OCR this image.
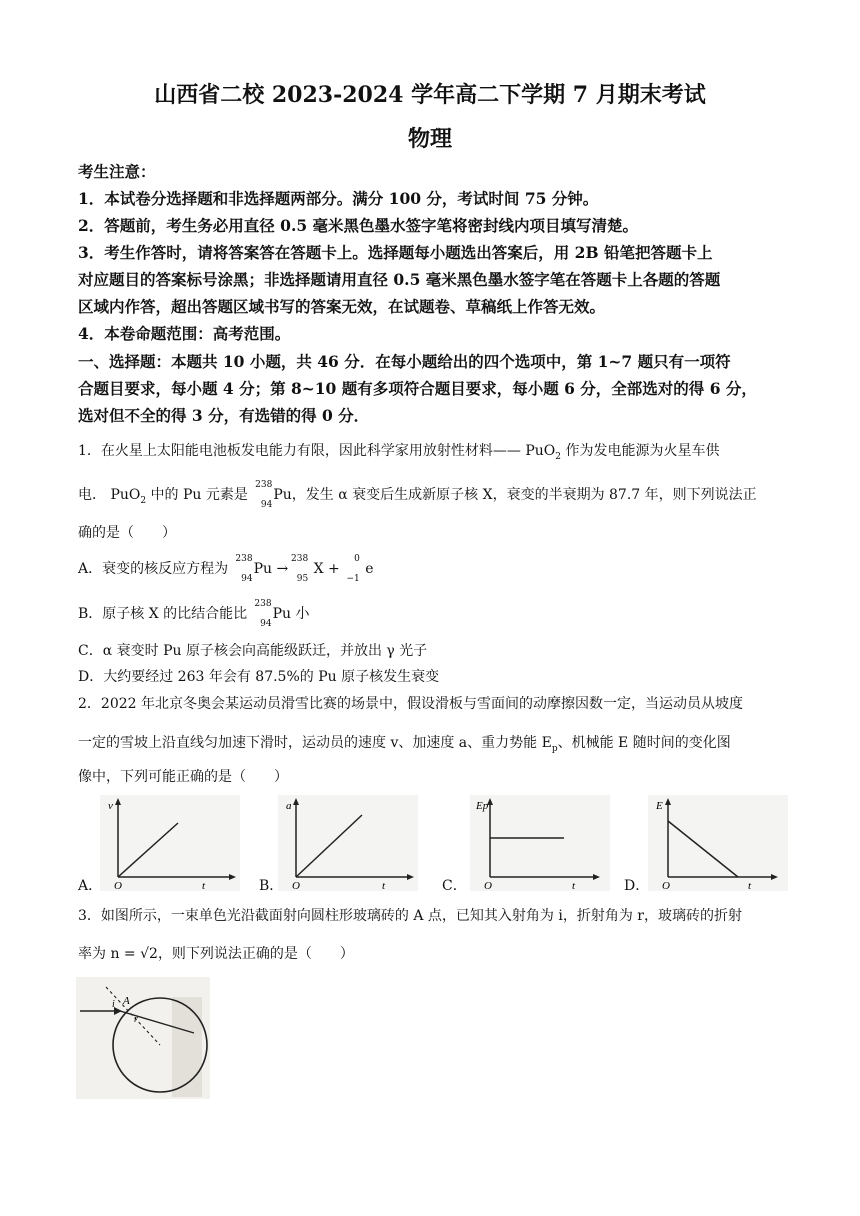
山西省二校 2023-2024 学年高二下学期 7 月期末考试
物理
考生注意：
1．本试卷分选择题和非选择题两部分。满分 100 分，考试时间 75 分钟。
2．答题前，考生务必用直径 0.5 毫米黑色墨水签字笔将密封线内项目填写清楚。
3．考生作答时，请将答案答在答题卡上。选择题每小题选出答案后，用 2B 铅笔把答题卡上
对应题目的答案标号涂黑；非选择题请用直径 0.5 毫米黑色墨水签字笔在答题卡上各题的答题
区域内作答，超出答题区域书写的答案无效，在试题卷、草稿纸上作答无效。
4．本卷命题范围：高考范围。
一、选择题：本题共 10 小题，共 46 分．在每小题给出的四个选项中，第 1~7 题只有一项符
合题目要求，每小题 4 分；第 8~10 题有多项符合题目要求，每小题 6 分，全部选对的得 6 分，
选对但不全的得 3 分，有选错的得 0 分．
1．在火星上太阳能电池板发电能力有限，因此科学家用放射性材料—— PuO$_2$ 作为发电能源为火星车供
电． PuO$_2$ 中的 Pu 元素是
238
94
Pu，发生 α 衰变后生成新原子核 X，衰变的半衰期为 87.7 年，则下列说法正
确的是（　　）
A．衰变的核反应方程为
238
94
Pu →
238
95
X +
0
−1
e
B．原子核 X 的比结合能比
238
94
Pu 小
C．α 衰变时 Pu 原子核会向高能级跃迁，并放出 γ 光子
D．大约要经过 263 年会有 87.5%的 Pu 原子核发生衰变
2．2022 年北京冬奥会某运动员滑雪比赛的场景中，假设滑板与雪面间的动摩擦因数一定，当运动员从坡度
一定的雪坡上沿直线匀加速下滑时，运动员的速度 v、加速度 a、重力势能 $E_p$、机械能 E 随时间的变化图
像中，下列可能正确的是（　　）
A．
v
t
O	B．
a
t
O	C．
Ep
t
O	D．
E
t
O
3．如图所示，一束单色光沿截面射向圆柱形玻璃砖的 A 点，已知其入射角为 i，折射角为 r，玻璃砖的折射
率为 n = √2，则下列说法正确的是（　　）
i A
r
